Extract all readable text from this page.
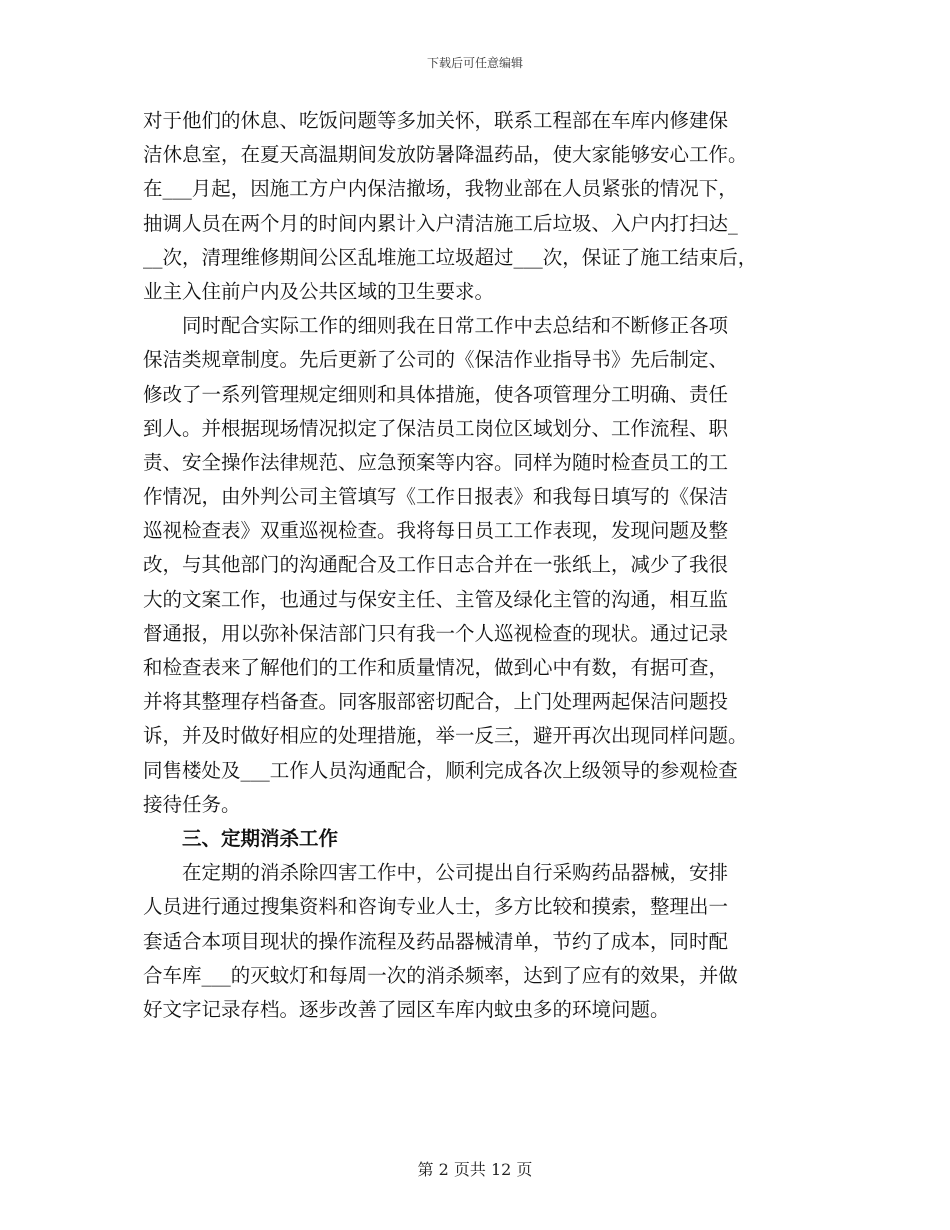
下载后可任意编辑
对于他们的休息、吃饭问题等多加关怀，联系工程部在车库内修建保
洁休息室，在夏天高温期间发放防暑降温药品，使大家能够安心工作。
在___月起，因施工方户内保洁撤场，我物业部在人员紧张的情况下，
抽调人员在两个月的时间内累计入户清洁施工后垃圾、入户内打扫达_
__次，清理维修期间公区乱堆施工垃圾超过___次，保证了施工结束后，
业主入住前户内及公共区域的卫生要求。
　　同时配合实际工作的细则我在日常工作中去总结和不断修正各项
保洁类规章制度。先后更新了公司的《保洁作业指导书》先后制定、
修改了一系列管理规定细则和具体措施，使各项管理分工明确、责任
到人。并根据现场情况拟定了保洁员工岗位区域划分、工作流程、职
责、安全操作法律规范、应急预案等内容。同样为随时检查员工的工
作情况，由外判公司主管填写《工作日报表》和我每日填写的《保洁
巡视检查表》双重巡视检查。我将每日员工工作表现，发现问题及整
改，与其他部门的沟通配合及工作日志合并在一张纸上，减少了我很
大的文案工作，也通过与保安主任、主管及绿化主管的沟通，相互监
督通报，用以弥补保洁部门只有我一个人巡视检查的现状。通过记录
和检查表来了解他们的工作和质量情况，做到心中有数，有据可查，
并将其整理存档备查。同客服部密切配合，上门处理两起保洁问题投
诉，并及时做好相应的处理措施，举一反三，避开再次出现同样问题。
同售楼处及___工作人员沟通配合，顺利完成各次上级领导的参观检查
接待任务。
　　三、定期消杀工作
　　在定期的消杀除四害工作中，公司提出自行采购药品器械，安排
人员进行通过搜集资料和咨询专业人士，多方比较和摸索，整理出一
套适合本项目现状的操作流程及药品器械清单，节约了成本，同时配
合车库___的灭蚊灯和每周一次的消杀频率，达到了应有的效果，并做
好文字记录存档。逐步改善了园区车库内蚊虫多的环境问题。
第 2 页共 12 页
